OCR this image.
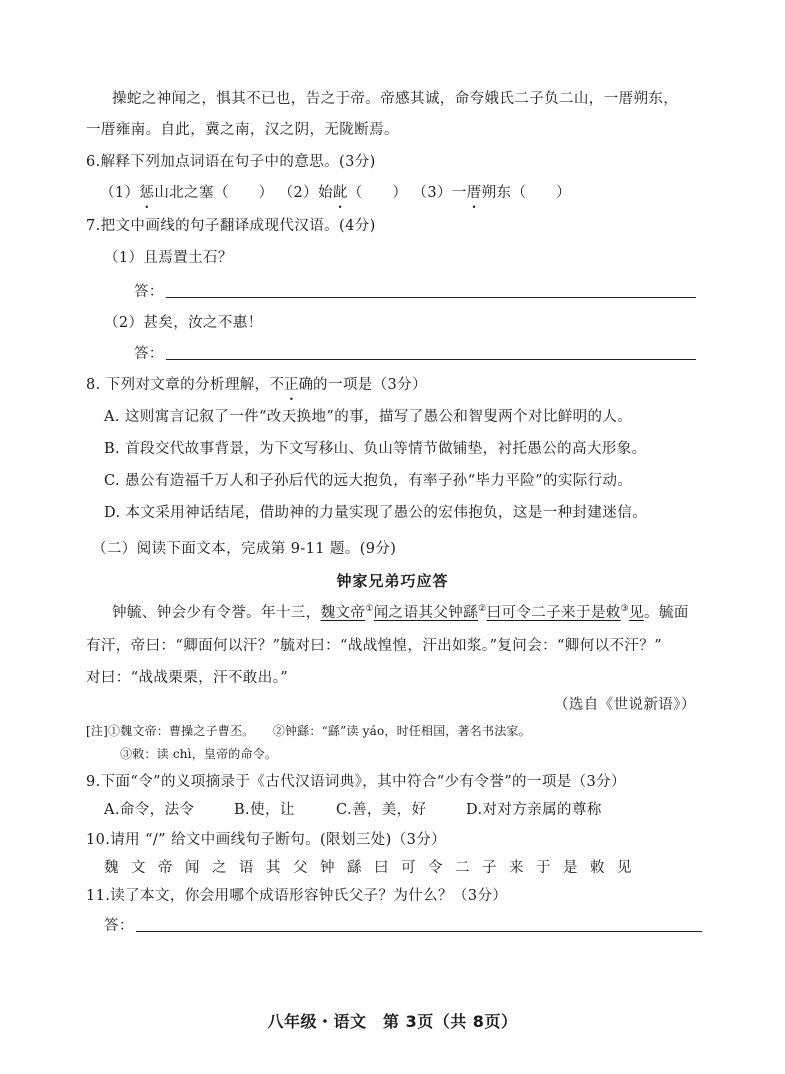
操蛇之神闻之，惧其不已也，告之于帝。帝感其诚，命夸娥氏二子负二山，一厝朔东，
一厝雍南。自此，冀之南，汉之阴，无陇断焉。
6.解释下列加点词语在句子中的意思。(3分)
（1）惩山北之塞（　　） （2）始龀（　　） （3）一厝朔东（　　）
7.把文中画线的句子翻译成现代汉语。(4分)
（1）且焉置土石？
答：
（2）甚矣，汝之不惠！
答：
8. 下列对文章的分析理解，不正确的一项是（3分）
A. 这则寓言记叙了一件“改天换地”的事，描写了愚公和智叟两个对比鲜明的人。
B. 首段交代故事背景，为下文写移山、负山等情节做铺垫，衬托愚公的高大形象。
C. 愚公有造福千万人和子孙后代的远大抱负，有率子孙“毕力平险”的实际行动。
D. 本文采用神话结尾，借助神的力量实现了愚公的宏伟抱负，这是一种封建迷信。
（二）阅读下面文本，完成第 9-11 题。(9分)
钟家兄弟巧应答
钟毓、钟会少有令誉。年十三，魏文帝①闻之语其父钟繇②曰可令二子来于是敕③见。毓面
有汗，帝曰：“卿面何以汗？”毓对曰：“战战惶惶，汗出如浆。”复问会：“卿何以不汗？”
对曰：“战战栗栗，汗不敢出。”
（选自《世说新语》）
[注]①魏文帝：曹操之子曹丕。　　②钟繇：“繇”读 yáo，时任相国，著名书法家。
③敕：读 chì，皇帝的命令。
9.下面“令”的义项摘录于《古代汉语词典》，其中符合“少有令誉”的一项是（3分）
A.命令，法令	B.使，让	C.善，美，好	D.对对方亲属的尊称
10.请用 “/” 给文中画线句子断句。(限划三处)（3分）
魏文帝闻之语其父钟繇曰可令二子来于是敕见
11.读了本文，你会用哪个成语形容钟氏父子？为什么？（3分）
答：
八年级・语文　第 3页（共 8页）
